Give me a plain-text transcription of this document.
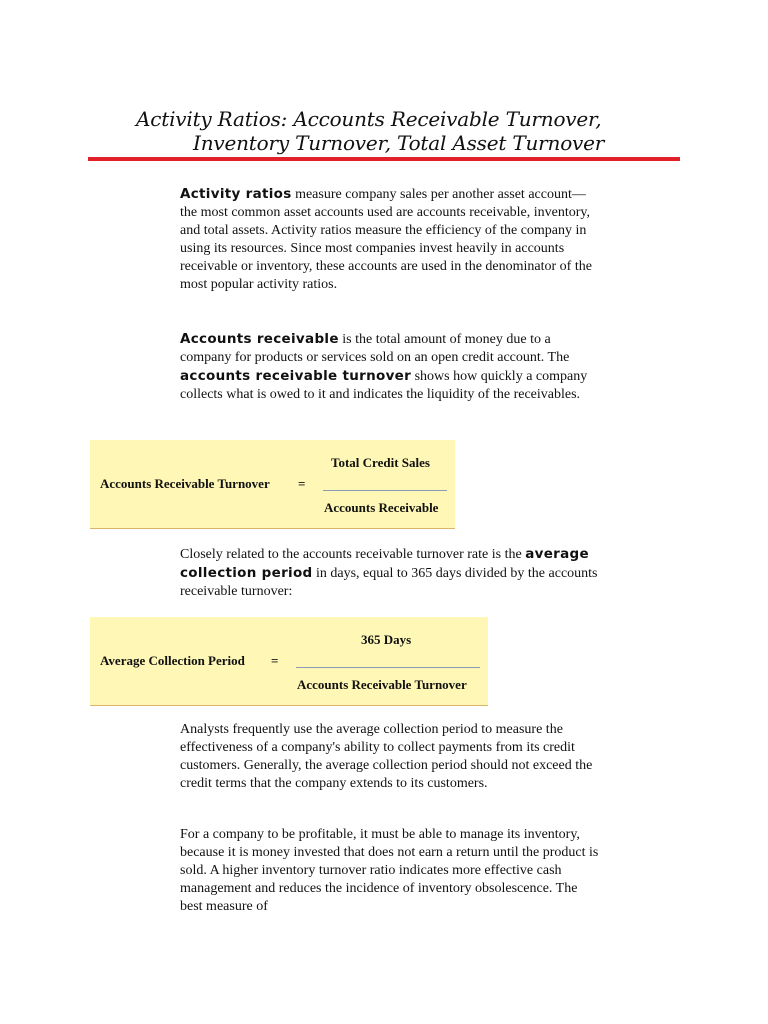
Activity Ratios: Accounts Receivable Turnover,
Inventory Turnover, Total Asset Turnover

Activity ratios measure company sales per another asset account—the most common asset accounts used are accounts receivable, inventory, and total assets. Activity ratios measure the efficiency of the company in using its resources. Since most companies invest heavily in accounts receivable or inventory, these accounts are used in the denominator of the most popular activity ratios.

Accounts receivable is the total amount of money due to a company for products or services sold on an open credit account. The accounts receivable turnover shows how quickly a company collects what is owed to it and indicates the liquidity of the receivables.

Accounts Receivable Turnover =
Total Credit Sales
Accounts Receivable

Closely related to the accounts receivable turnover rate is the average collection period in days, equal to 365 days divided by the accounts receivable turnover:

Average Collection Period =
365 Days
Accounts Receivable Turnover

Analysts frequently use the average collection period to measure the effectiveness of a company's ability to collect payments from its credit customers. Generally, the average collection period should not exceed the credit terms that the company extends to its customers.

For a company to be profitable, it must be able to manage its inventory, because it is money invested that does not earn a return until the product is sold. A higher inventory turnover ratio indicates more effective cash management and reduces the incidence of inventory obsolescence. The best measure of
